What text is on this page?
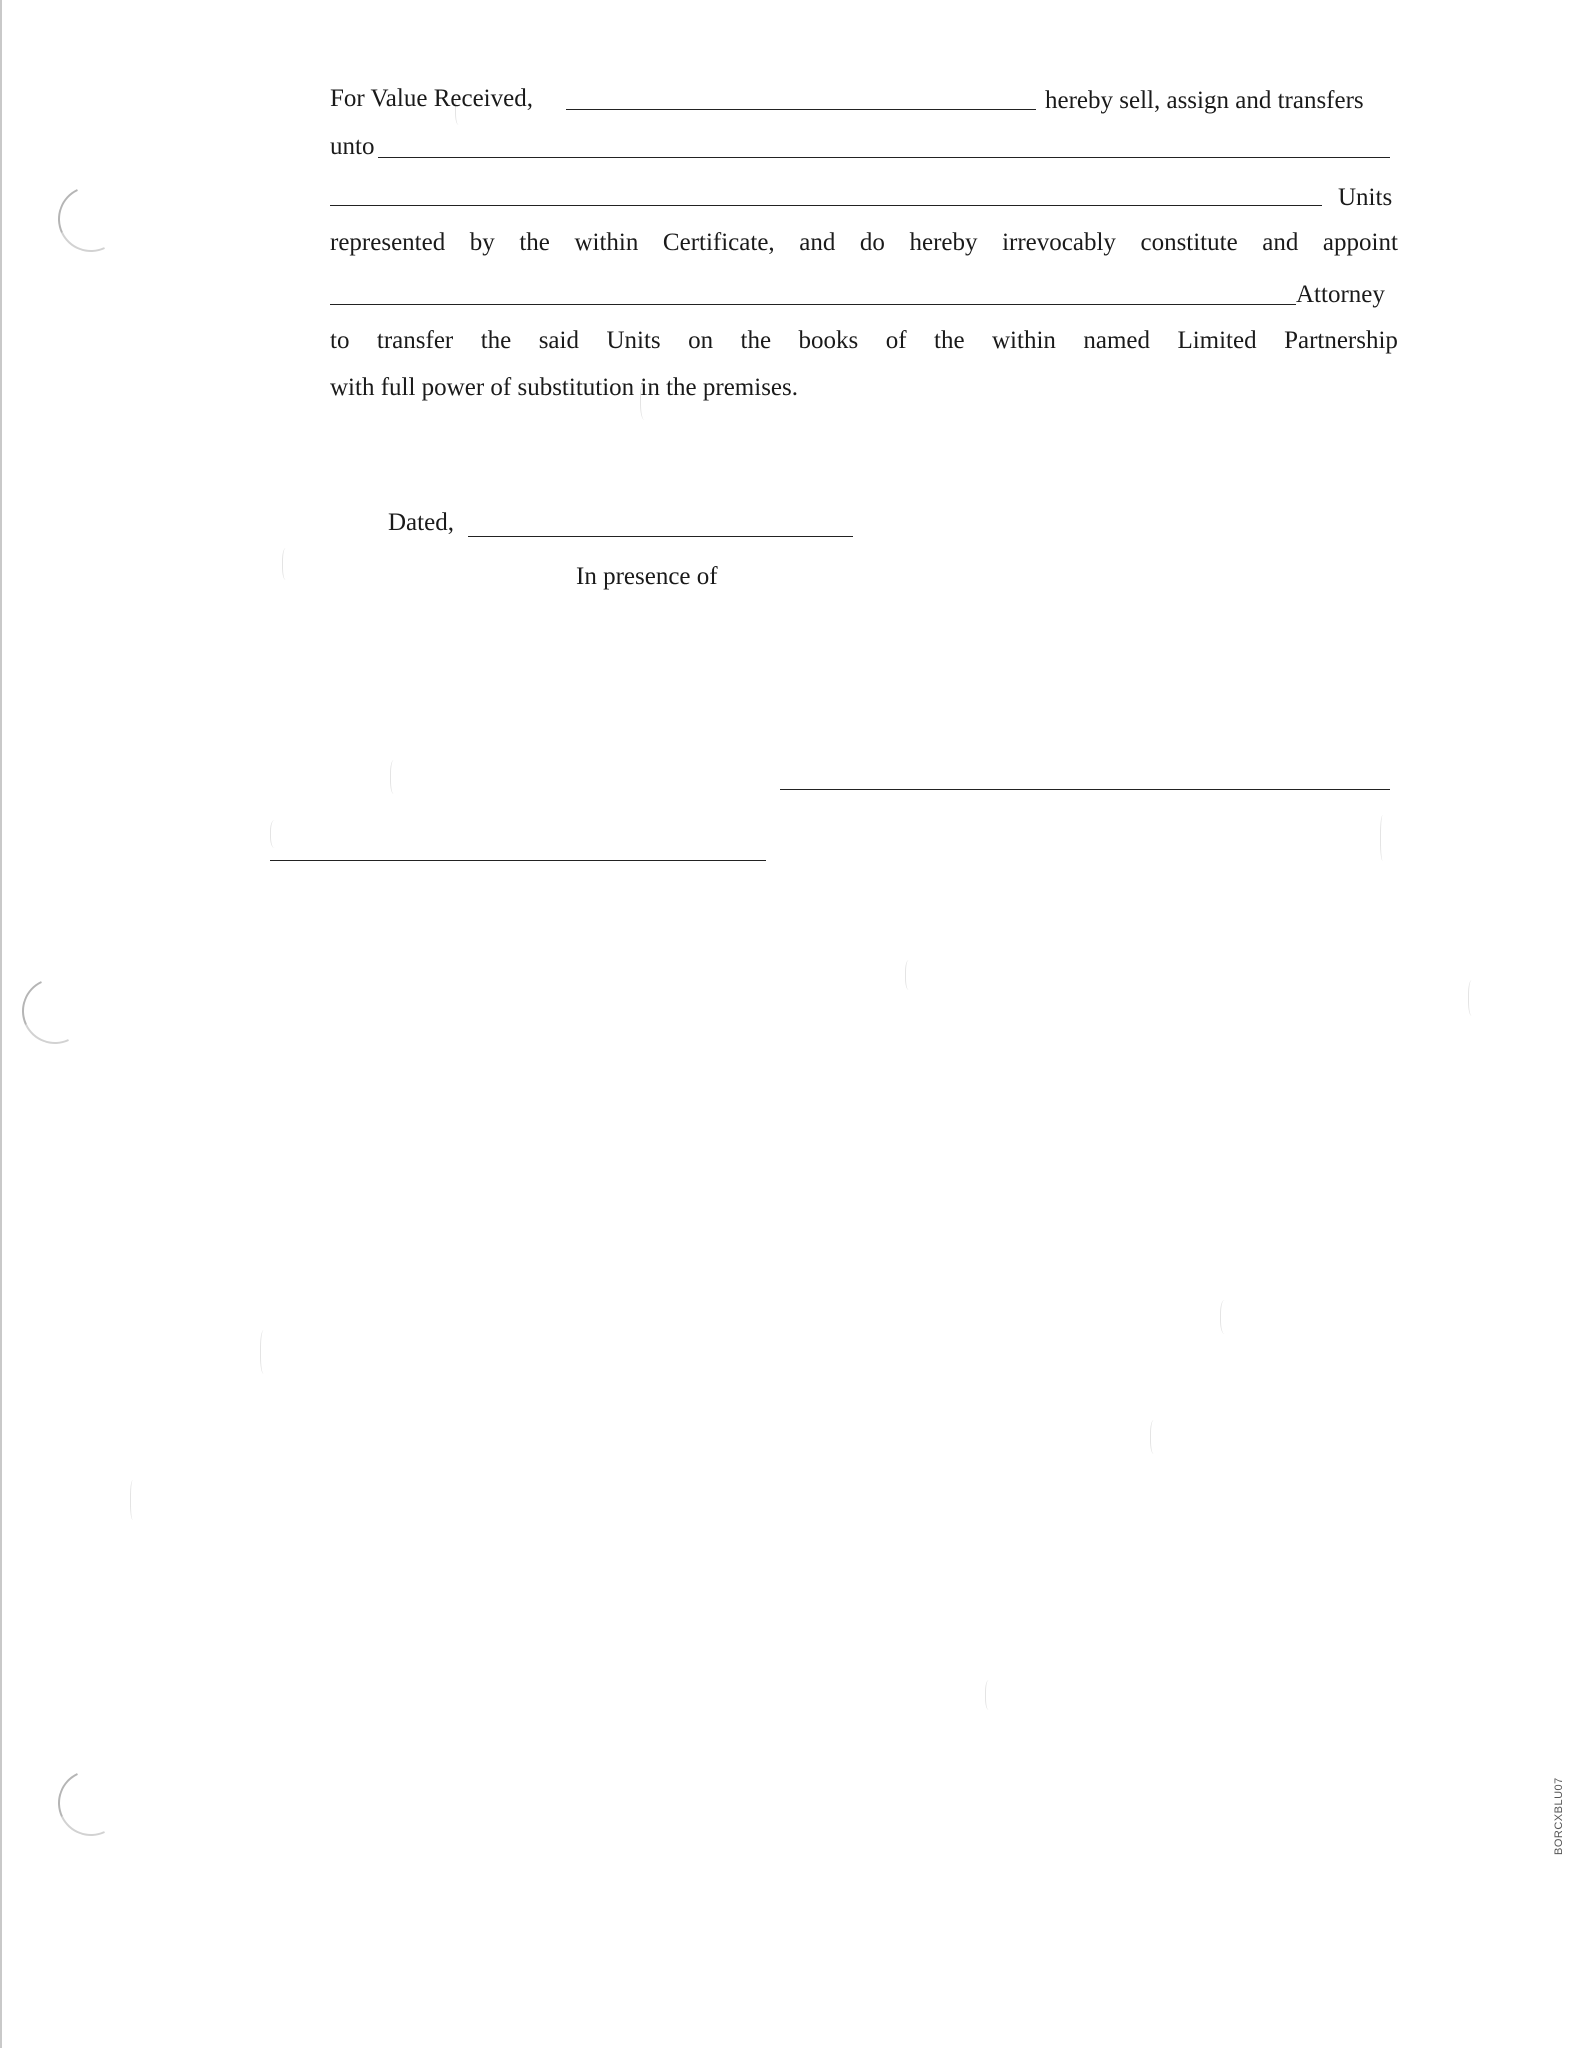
For Value Received,	hereby sell, assign and transfers
unto
Units
represented by the within Certificate, and do hereby irrevocably constitute and appoint
Attorney
to transfer the said Units on the books of the within named Limited Partnership
with full power of substitution in the premises.
Dated,
In presence of
BORCXBLU07
